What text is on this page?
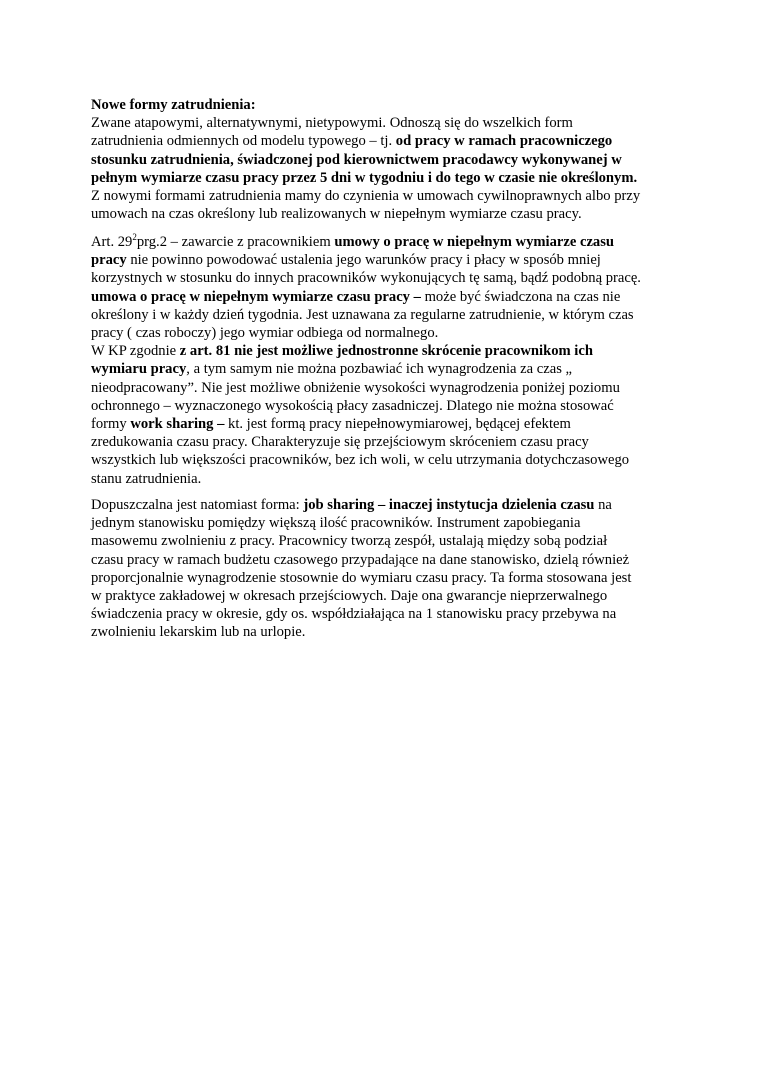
Nowe formy zatrudnienia:
Zwane atapowymi, alternatywnymi, nietypowymi. Odnoszą się do wszelkich form
zatrudnienia odmiennych od modelu typowego – tj. od pracy w ramach pracowniczego
stosunku zatrudnienia, świadczonej pod kierownictwem pracodawcy wykonywanej w
pełnym wymiarze czasu pracy przez 5 dni w tygodniu i do tego w czasie nie określonym.
Z nowymi formami zatrudnienia mamy do czynienia w umowach cywilnoprawnych albo przy
umowach na czas określony lub realizowanych w niepełnym wymiarze czasu pracy.
Art. $29^2prg.2$ – zawarcie z pracownikiem umowy o pracę w niepełnym wymiarze czasu
pracy nie powinno powodować ustalenia jego warunków pracy i płacy w sposób mniej
korzystnych w stosunku do innych pracowników wykonujących tę samą, bądź podobną pracę.
umowa o pracę w niepełnym wymiarze czasu pracy – może być świadczona na czas nie
określony i w każdy dzień tygodnia. Jest uznawana za regularne zatrudnienie, w którym czas
pracy ( czas roboczy) jego wymiar odbiega od normalnego.
W KP zgodnie z art. 81 nie jest możliwe jednostronne skrócenie pracownikom ich
wymiaru pracy, a tym samym nie można pozbawiać ich wynagrodzenia za czas „
nieodpracowany”. Nie jest możliwe obniżenie wysokości wynagrodzenia poniżej poziomu
ochronnego – wyznaczonego wysokością płacy zasadniczej. Dlatego nie można stosować
formy work sharing – kt. jest formą pracy niepełnowymiarowej, będącej efektem
zredukowania czasu pracy. Charakteryzuje się przejściowym skróceniem czasu pracy
wszystkich lub większości pracowników, bez ich woli, w celu utrzymania dotychczasowego
stanu zatrudnienia.
Dopuszczalna jest natomiast forma: job sharing – inaczej instytucja dzielenia czasu na
jednym stanowisku pomiędzy większą ilość pracowników. Instrument zapobiegania
masowemu zwolnieniu z pracy. Pracownicy tworzą zespół, ustalają między sobą podział
czasu pracy w ramach budżetu czasowego przypadające na dane stanowisko, dzielą również
proporcjonalnie wynagrodzenie stosownie do wymiaru czasu pracy. Ta forma stosowana jest
w praktyce zakładowej w okresach przejściowych. Daje ona gwarancje nieprzerwalnego
świadczenia pracy w okresie, gdy os. współdziałająca na 1 stanowisku pracy przebywa na
zwolnieniu lekarskim lub na urlopie.
